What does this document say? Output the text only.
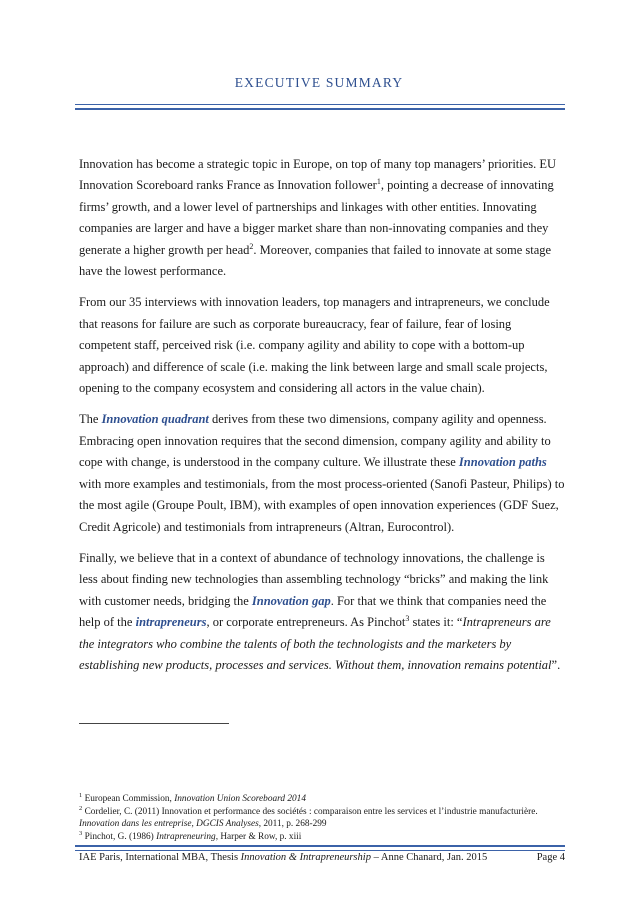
EXECUTIVE SUMMARY

Innovation has become a strategic topic in Europe, on top of many top managers’ priorities. EU Innovation Scoreboard ranks France as Innovation follower$^1$, pointing a decrease of innovating firms’ growth, and a lower level of partnerships and linkages with other entities. Innovating companies are larger and have a bigger market share than non-innovating companies and they generate a higher growth per head$^2$. Moreover, companies that failed to innovate at some stage have the lowest performance.

From our 35 interviews with innovation leaders, top managers and intrapreneurs, we conclude that reasons for failure are such as corporate bureaucracy, fear of failure, fear of losing competent staff, perceived risk (i.e. company agility and ability to cope with a bottom-up approach) and difference of scale (i.e. making the link between large and small scale projects, opening to the company ecosystem and considering all actors in the value chain).

The Innovation quadrant derives from these two dimensions, company agility and openness. Embracing open innovation requires that the second dimension, company agility and ability to cope with change, is understood in the company culture. We illustrate these Innovation paths with more examples and testimonials, from the most process-oriented (Sanofi Pasteur, Philips) to the most agile (Groupe Poult, IBM), with examples of open innovation experiences (GDF Suez, Credit Agricole) and testimonials from intrapreneurs (Altran, Eurocontrol).

Finally, we believe that in a context of abundance of technology innovations, the challenge is less about finding new technologies than assembling technology “bricks” and making the link with customer needs, bridging the Innovation gap. For that we think that companies need the help of the intrapreneurs, or corporate entrepreneurs. As Pinchot$^3$ states it: “Intrapreneurs are the integrators who combine the talents of both the technologists and the marketers by establishing new products, processes and services. Without them, innovation remains potential”.

$^1$ European Commission, Innovation Union Scoreboard 2014
$^2$ Cordelier, C. (2011) Innovation et performance des sociétés : comparaison entre les services et l’industrie manufacturière. Innovation dans les entreprise, DGCIS Analyses, 2011, p. 268-299
$^3$ Pinchot, G. (1986) Intrapreneuring, Harper & Row, p. xiii
IAE Paris, International MBA, Thesis Innovation & Intrapreneurship – Anne Chanard, Jan. 2015	Page 4
